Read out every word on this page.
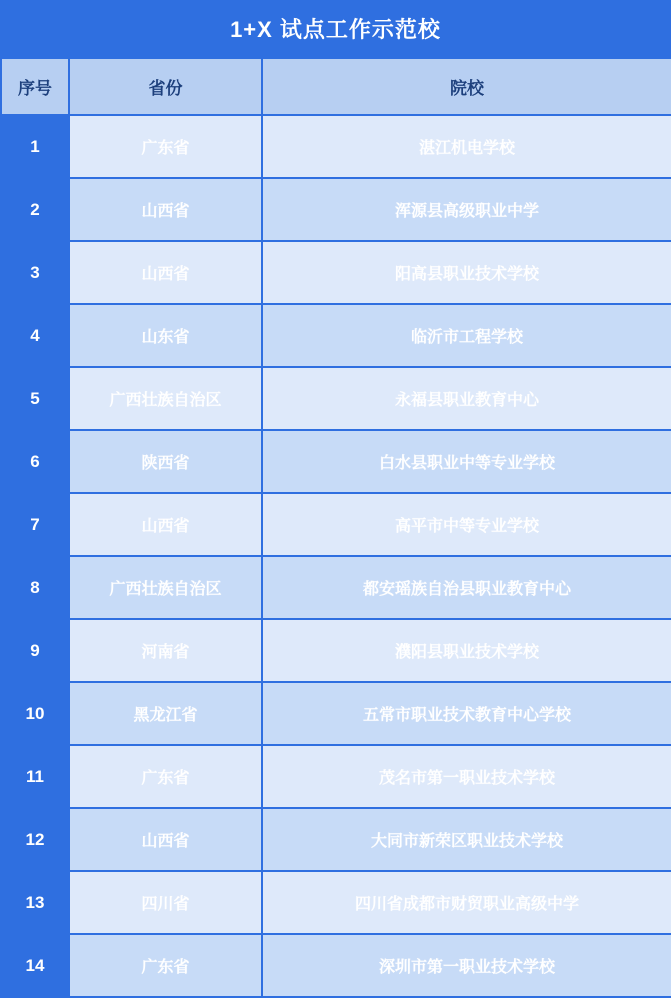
1+X 试点工作示范校
序号	省份	院校
1	广东省	湛江机电学校
2	山西省	浑源县高级职业中学
3	山西省	阳高县职业技术学校
4	山东省	临沂市工程学校
5	广西壮族自治区	永福县职业教育中心
6	陕西省	白水县职业中等专业学校
7	山西省	高平市中等专业学校
8	广西壮族自治区	都安瑶族自治县职业教育中心
9	河南省	濮阳县职业技术学校
10	黑龙江省	五常市职业技术教育中心学校
11	广东省	茂名市第一职业技术学校
12	山西省	大同市新荣区职业技术学校
13	四川省	四川省成都市财贸职业高级中学
14	广东省	深圳市第一职业技术学校
